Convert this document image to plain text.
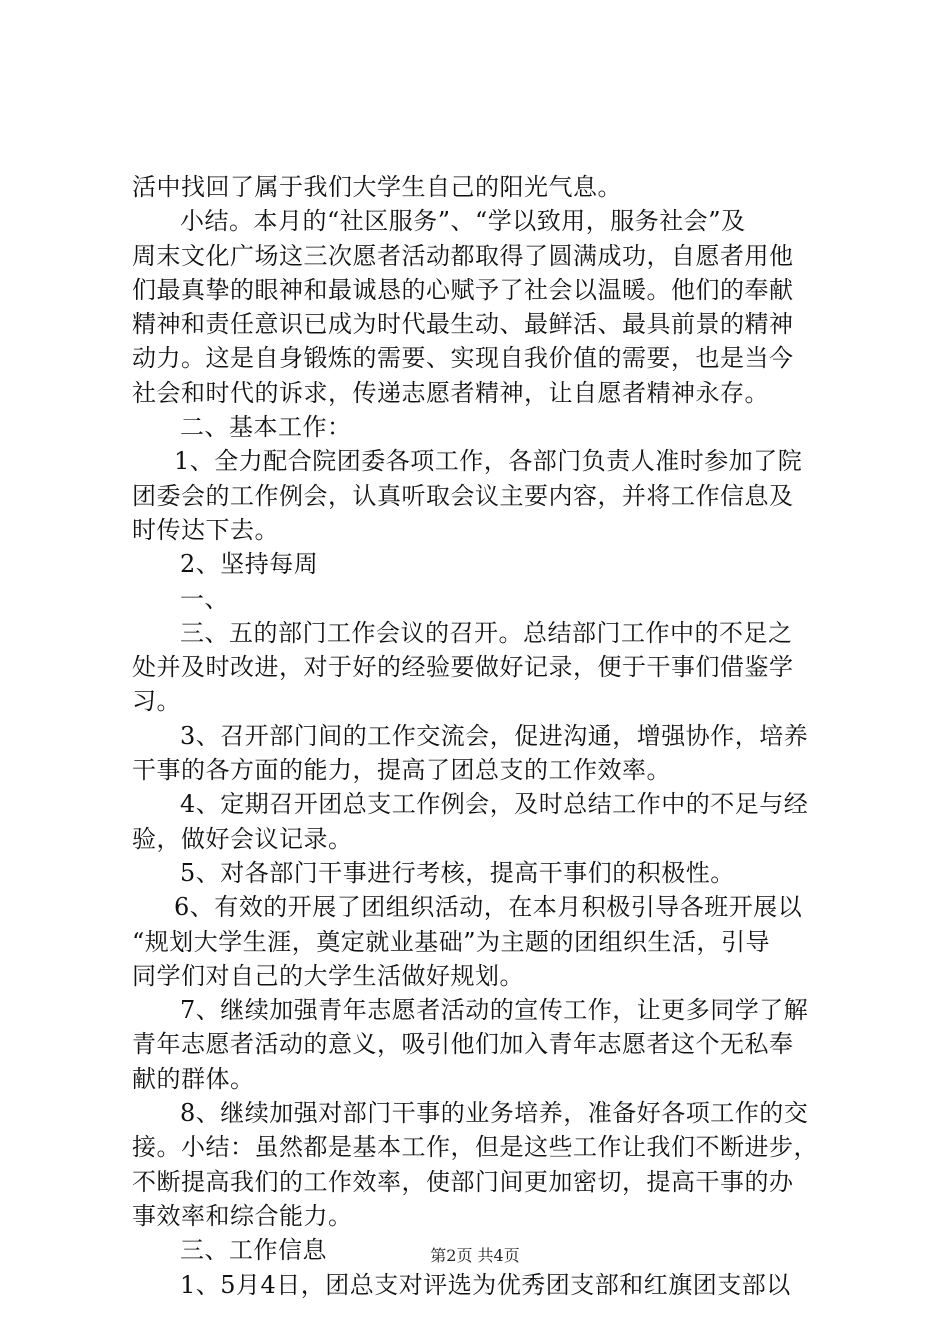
活中找回了属于我们大学生自己的阳光气息。
小结。本月的“社区服务”、“学以致用，服务社会”及
周末文化广场这三次愿者活动都取得了圆满成功，自愿者用他
们最真挚的眼神和最诚恳的心赋予了社会以温暖。他们的奉献
精神和责任意识已成为时代最生动、最鲜活、最具前景的精神
动力。这是自身锻炼的需要、实现自我价值的需要，也是当今
社会和时代的诉求，传递志愿者精神，让自愿者精神永存。
二、基本工作：
1、全力配合院团委各项工作，各部门负责人准时参加了院
团委会的工作例会，认真听取会议主要内容，并将工作信息及
时传达下去。
2、坚持每周
一、
三、五的部门工作会议的召开。总结部门工作中的不足之
处并及时改进，对于好的经验要做好记录，便于干事们借鉴学
习。
3、召开部门间的工作交流会，促进沟通，增强协作，培养
干事的各方面的能力，提高了团总支的工作效率。
4、定期召开团总支工作例会，及时总结工作中的不足与经
验，做好会议记录。
5、对各部门干事进行考核，提高干事们的积极性。
6、有效的开展了团组织活动，在本月积极引导各班开展以
“规划大学生涯，奠定就业基础”为主题的团组织生活，引导
同学们对自己的大学生活做好规划。
7、继续加强青年志愿者活动的宣传工作，让更多同学了解
青年志愿者活动的意义，吸引他们加入青年志愿者这个无私奉
献的群体。
8、继续加强对部门干事的业务培养，准备好各项工作的交
接。小结：虽然都是基本工作，但是这些工作让我们不断进步，
不断提高我们的工作效率，使部门间更加密切，提高干事的办
事效率和综合能力。
三、工作信息
1、5月4日，团总支对评选为优秀团支部和红旗团支部以
第2页 共4页
